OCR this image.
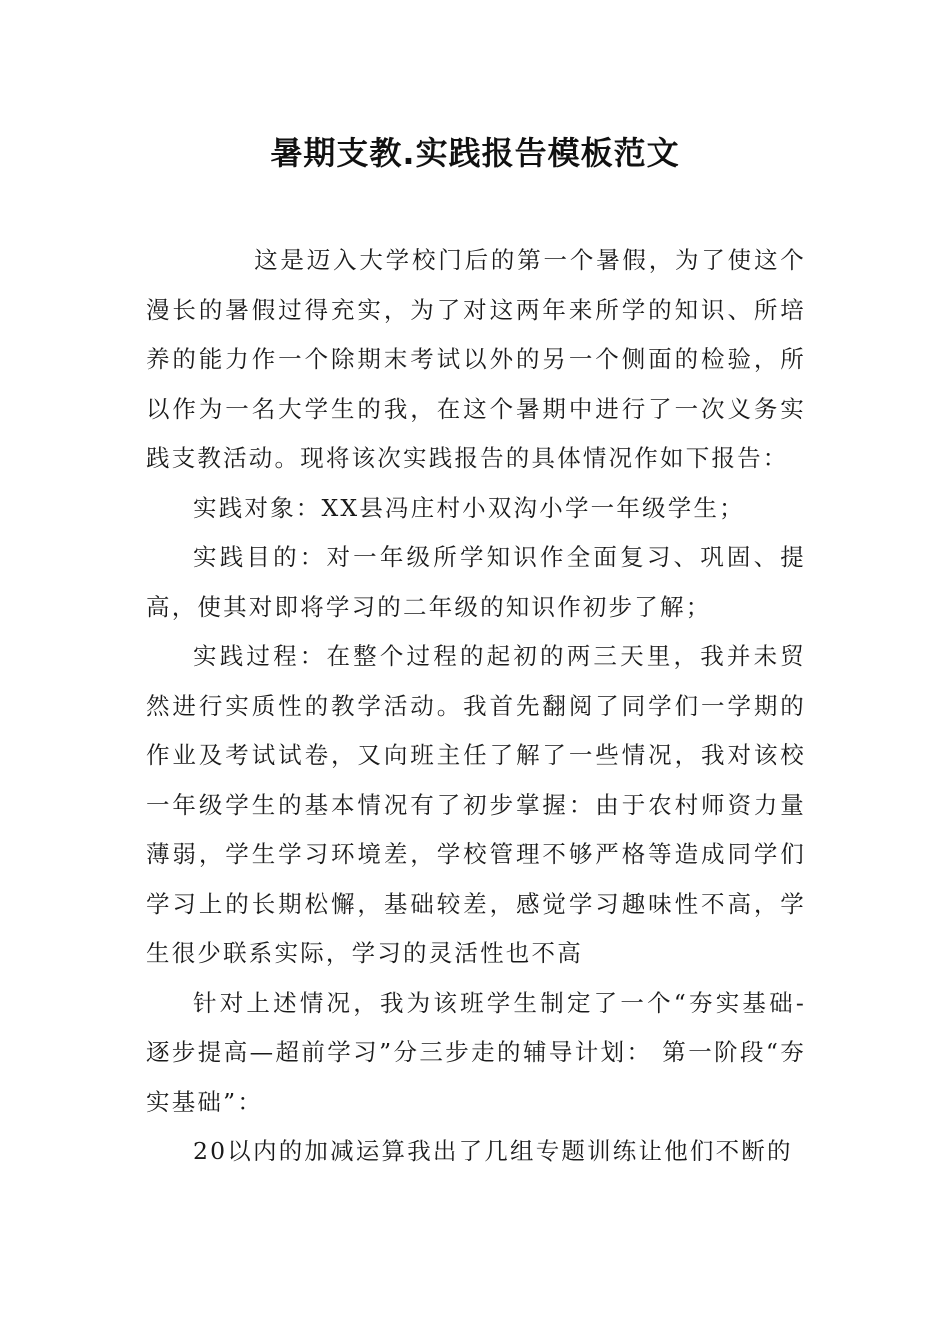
暑期支教.实践报告模板范文

这是迈入大学校门后的第一个暑假，为了使这个漫长的暑假过得充实，为了对这两年来所学的知识、所培养的能力作一个除期末考试以外的另一个侧面的检验，所以作为一名大学生的我，在这个暑期中进行了一次义务实践支教活动。现将该次实践报告的具体情况作如下报告：

实践对象：XX县冯庄村小双沟小学一年级学生；

实践目的：对一年级所学知识作全面复习、巩固、提高，使其对即将学习的二年级的知识作初步了解；

实践过程：在整个过程的起初的两三天里，我并未贸然进行实质性的教学活动。我首先翻阅了同学们一学期的作业及考试试卷，又向班主任了解了一些情况，我对该校一年级学生的基本情况有了初步掌握：由于农村师资力量薄弱，学生学习环境差，学校管理不够严格等造成同学们学习上的长期松懈，基础较差，感觉学习趣味性不高，学生很少联系实际，学习的灵活性也不高

针对上述情况，我为该班学生制定了一个“夯实基础-逐步提高—超前学习”分三步走的辅导计划： 第一阶段“夯实基础”：

20以内的加减运算我出了几组专题训练让他们不断的
